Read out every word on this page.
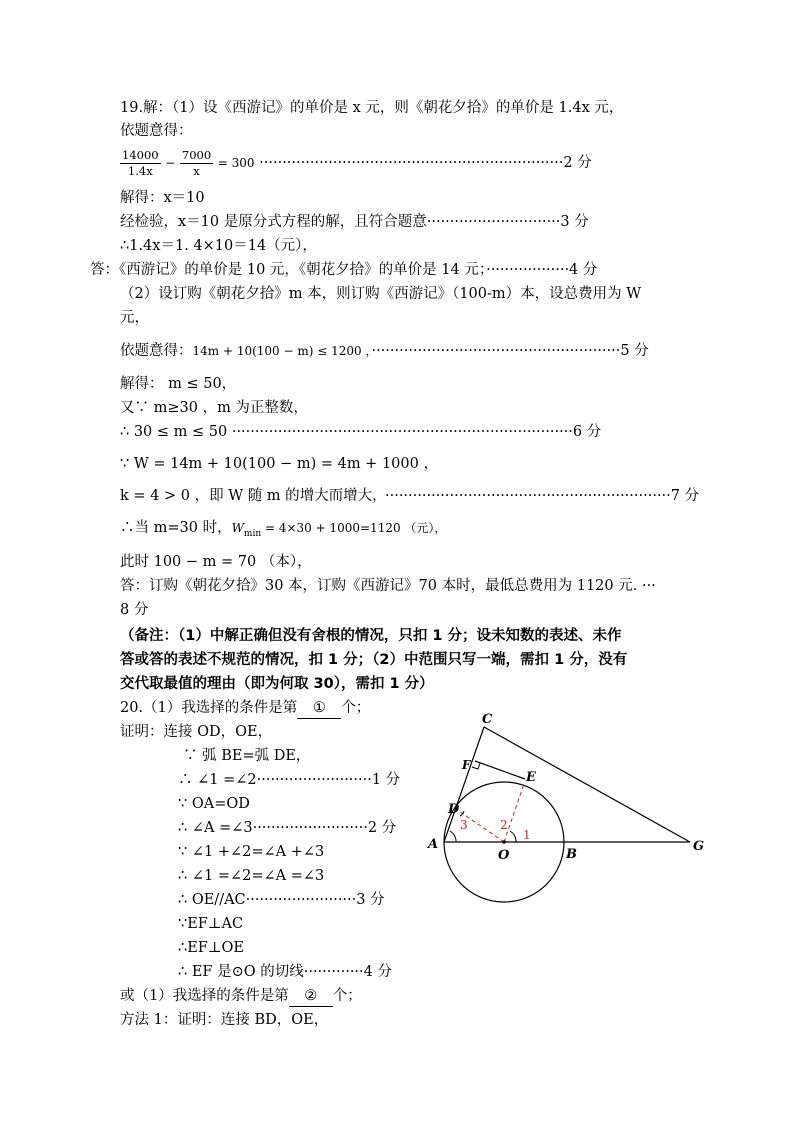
19.解：（1）设《西游记》的单价是 x 元，则《朝花夕拾》的单价是 1.4x 元，
依题意得：
$\frac{14000}{1.4x} - \frac{7000}{x} = 300 \cdot\cdot\cdot\cdot\cdot\cdot\cdot\cdot\cdot\cdot\cdot\cdot\cdot\cdot\cdot\cdot\cdot\cdot\cdot\cdot\cdot\cdot\cdot\cdot\cdot\cdot\cdot\cdot\cdot\cdot\cdot\cdot\cdot\cdot\cdot\cdot\cdot\cdot\cdot\cdot\cdot\cdot\cdot\cdot\cdot\cdot\cdot\cdot\cdot\cdot\cdot\cdot\cdot\cdot\cdot\cdot\cdot\cdot\cdot\cdot\cdot\cdot\cdot\cdot\cdot\cdot 2$ 分
解得：x＝10
经检验，x＝10 是原分式方程的解，且符合题意·····························3 分
∴1.4x＝1. 4×10＝14（元），
答：《西游记》的单价是 10 元，《朝花夕拾》的单价是 14 元；··················4 分
（2）设订购《朝花夕拾》m 本，则订购《西游记》（100-m）本，设总费用为 W
元，
依题意得：14m + 10(100 − m) ≤ 1200 ，······················································5 分
解得： m ≤ 50，
又∵ m≥30 ，m 为正整数，
∴ 30 ≤ m ≤ 50 ··········································································6 分
∵ W = 14m + 10(100 − m) = 4m + 1000 ，
k = 4 > 0 ，即 W 随 m 的增大而增大，
······························································7 分
∴当 m=30 时，$W_{min} = 4\times 30 + 1000=1120$ （元），
此时 100 − m = 70 （本），
答：订购《朝花夕拾》30 本，订购《西游记》70 本时，最低总费用为 1120 元. ···
8 分
（备注：（1）中解正确但没有舍根的情况，只扣 1 分；设未知数的表述、未作
答或答的表述不规范的情况，扣 1 分；（2）中范围只写一端，需扣 1 分，没有
交代取最值的理由（即为何取 30），需扣 1 分）
20.（1）我选择的条件是第 ① 个；
证明：连接 OD，OE，
∵ 弧 BE=弧 DE，
∴ ∠1 =∠2·························1 分
∵ OA=OD
∴ ∠A =∠3·························2 分
∵ ∠1 +∠2=∠A +∠3
∴ ∠1 =∠2=∠A =∠3
∴ OE//AC························3 分
∵EF⊥AC
∴EF⊥OE
∴ EF 是⊙O 的切线·············4 分
或（1）我选择的条件是第 ② 个；
方法 1：证明：连接 BD，OE，
C
F
E
D
A
O	B
G
1
2
3
